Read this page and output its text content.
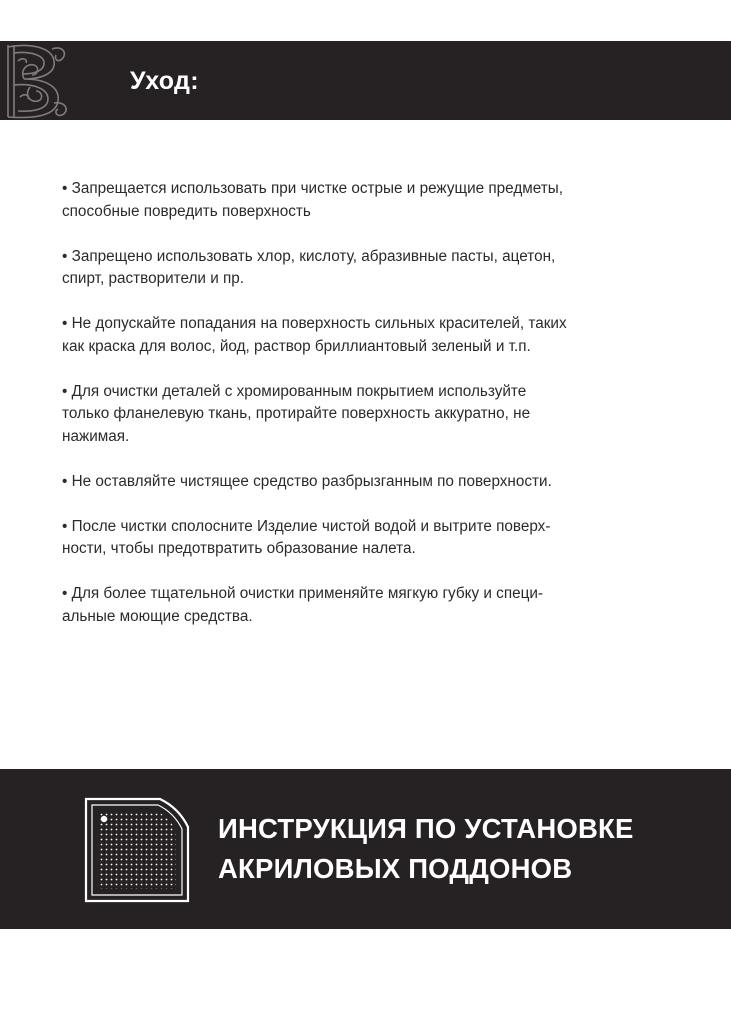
Уход:
• Запрещается использовать при чистке острые и режущие предметы,
способные повредить поверхность
• Запрещено использовать хлор, кислоту, абразивные пасты, ацетон,
спирт, растворители и пр.
• Не допускайте попадания на поверхность сильных красителей, таких
как краска для волос, йод, раствор бриллиантовый зеленый и т.п.
• Для очистки деталей с хромированным покрытием используйте
только фланелевую ткань, протирайте поверхность аккуратно, не
нажимая.
• Не оставляйте чистящее средство разбрызганным по поверхности.
• После чистки сполосните Изделие чистой водой и вытрите поверх-
ности, чтобы предотвратить образование налета.
• Для более тщательной очистки применяйте мягкую губку и специ-
альные моющие средства.
ИНСТРУКЦИЯ ПО УСТАНОВКЕ
АКРИЛОВЫХ ПОДДОНОВ
